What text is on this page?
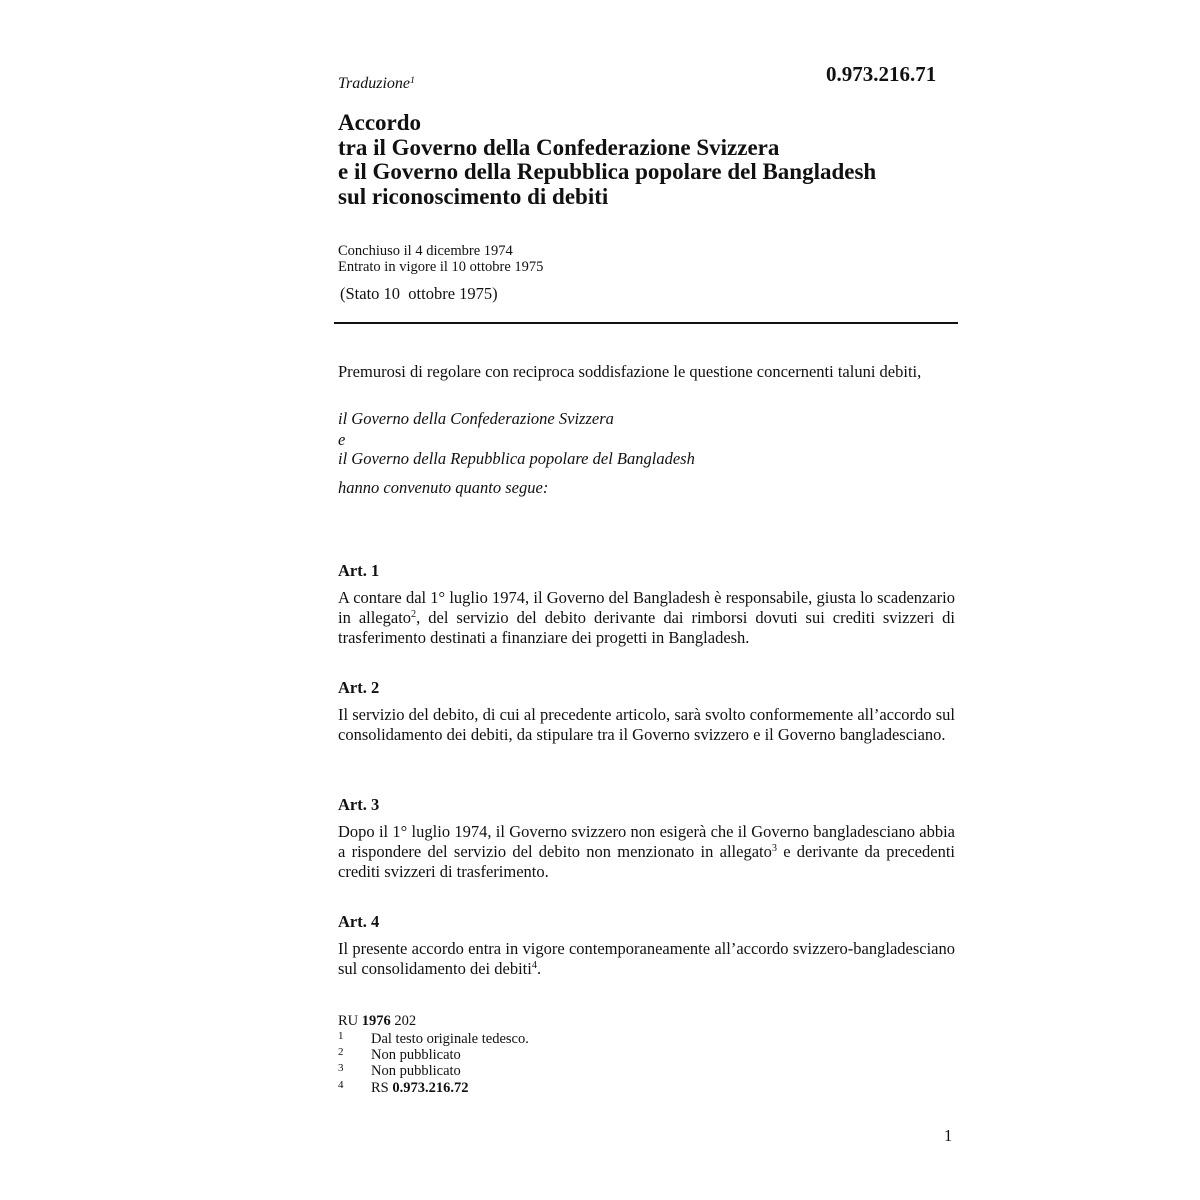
Traduzione$^1$	0.973.216.71
Accordo
tra il Governo della Confederazione Svizzera
e il Governo della Repubblica popolare del Bangladesh
sul riconoscimento di debiti
Conchiuso il 4 dicembre 1974
Entrato in vigore il 10 ottobre 1975
(Stato 10  ottobre 1975)
Premurosi di regolare con reciproca soddisfazione le questione concernenti taluni debiti,
il Governo della Confederazione Svizzera
e
il Governo della Repubblica popolare del Bangladesh
hanno convenuto quanto segue:
Art. 1
A contare dal 1° luglio 1974, il Governo del Bangladesh è responsabile, giusta lo scadenzario in allegato$^2$, del servizio del debito derivante dai rimborsi dovuti sui crediti svizzeri di trasferimento destinati a finanziare dei progetti in Bangladesh.
Art. 2
Il servizio del debito, di cui al precedente articolo, sarà svolto conformemente all’accordo sul consolidamento dei debiti, da stipulare tra il Governo svizzero e il Governo bangladesciano.
Art. 3
Dopo il 1° luglio 1974, il Governo svizzero non esigerà che il Governo bangladesciano abbia a rispondere del servizio del debito non menzionato in allegato$^3$ e derivante da precedenti crediti svizzeri di trasferimento.
Art. 4
Il presente accordo entra in vigore contemporaneamente all’accordo svizzero-bangladesciano sul consolidamento dei debiti$^4$.
RU 1976 202
1 Dal testo originale tedesco.
2 Non pubblicato
3 Non pubblicato
4 RS 0.973.216.72
1
